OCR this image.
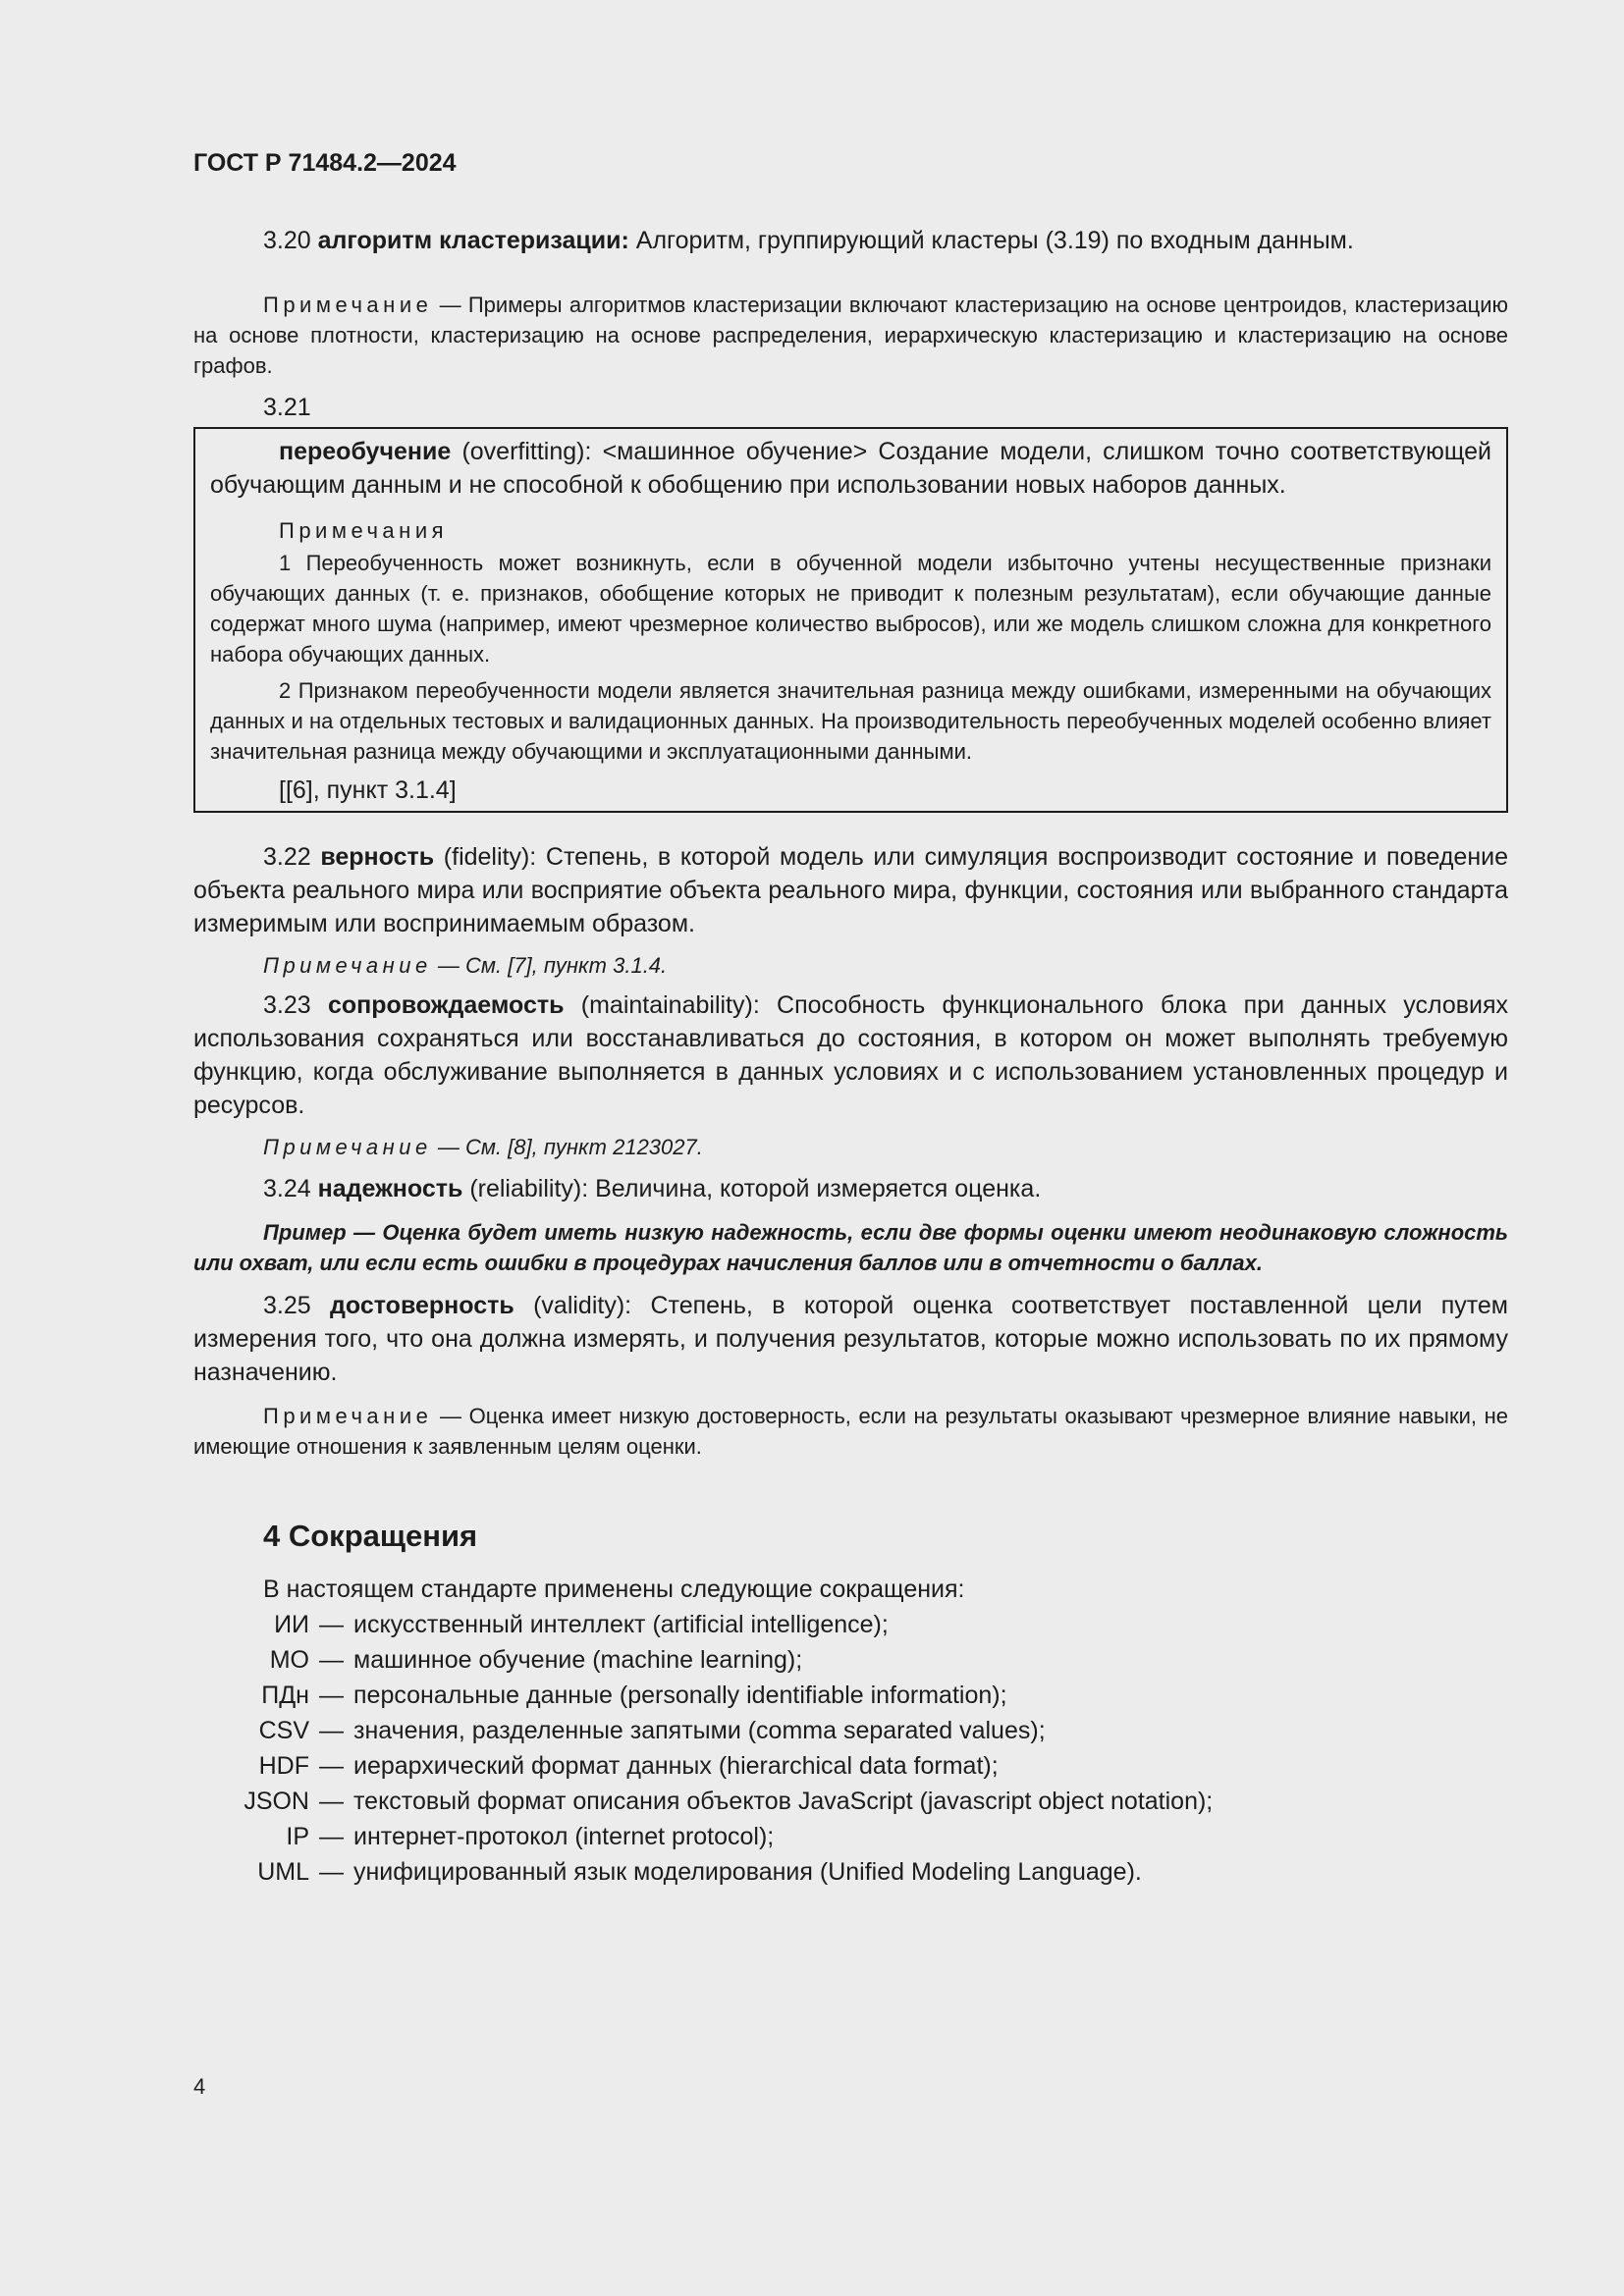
ГОСТ Р 71484.2—2024

3.20 алгоритм кластеризации: Алгоритм, группирующий кластеры (3.19) по входным данным.

Примечание — Примеры алгоритмов кластеризации включают кластеризацию на основе центроидов, кластеризацию на основе плотности, кластеризацию на основе распределения, иерархическую кластеризацию и кластеризацию на основе графов.

3.21

переобучение (overfitting): <машинное обучение> Создание модели, слишком точно соответствующей обучающим данным и не способной к обобщению при использовании новых наборов данных.

Примечания

1 Переобученность может возникнуть, если в обученной модели избыточно учтены несущественные признаки обучающих данных (т. е. признаков, обобщение которых не приводит к полезным результатам), если обучающие данные содержат много шума (например, имеют чрезмерное количество выбросов), или же модель слишком сложна для конкретного набора обучающих данных.

2 Признаком переобученности модели является значительная разница между ошибками, измеренными на обучающих данных и на отдельных тестовых и валидационных данных. На производительность переобученных моделей особенно влияет значительная разница между обучающими и эксплуатационными данными.

[[6], пункт 3.1.4]

3.22 верность (fidelity): Степень, в которой модель или симуляция воспроизводит состояние и поведение объекта реального мира или восприятие объекта реального мира, функции, состояния или выбранного стандарта измеримым или воспринимаемым образом.

Примечание — См. [7], пункт 3.1.4.

3.23 сопровождаемость (maintainability): Способность функционального блока при данных условиях использования сохраняться или восстанавливаться до состояния, в котором он может выполнять требуемую функцию, когда обслуживание выполняется в данных условиях и с использованием установленных процедур и ресурсов.

Примечание — См. [8], пункт 2123027.

3.24 надежность (reliability): Величина, которой измеряется оценка.

Пример — Оценка будет иметь низкую надежность, если две формы оценки имеют неодинаковую сложность или охват, или если есть ошибки в процедурах начисления баллов или в отчетности о баллах.

3.25 достоверность (validity): Степень, в которой оценка соответствует поставленной цели путем измерения того, что она должна измерять, и получения результатов, которые можно использовать по их прямому назначению.

Примечание — Оценка имеет низкую достоверность, если на результаты оказывают чрезмерное влияние навыки, не имеющие отношения к заявленным целям оценки.

4 Сокращения

В настоящем стандарте применены следующие сокращения:

ИИ — искусственный интеллект (artificial intelligence);
МО — машинное обучение (machine learning);
ПДн — персональные данные (personally identifiable information);
CSV — значения, разделенные запятыми (comma separated values);
HDF — иерархический формат данных (hierarchical data format);
JSON — текстовый формат описания объектов JavaScript (javascript object notation);
IP — интернет-протокол (internet protocol);
UML — унифицированный язык моделирования (Unified Modeling Language).
4
